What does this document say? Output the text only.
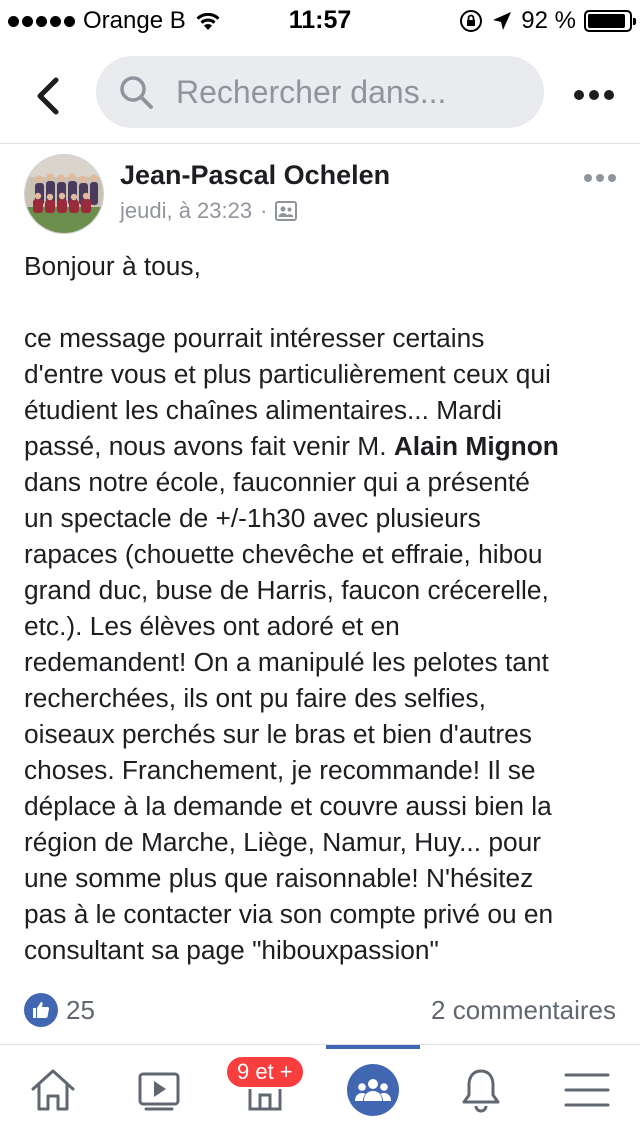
Orange B	11:57	92 %
Rechercher dans...
Jean-Pascal Ochelen
jeudi, à 23:23 ·

Bonjour à tous,

ce message pourrait intéresser certains

d'entre vous et plus particulièrement ceux qui

étudient les chaînes alimentaires... Mardi

passé, nous avons fait venir M. Alain Mignon

dans notre école, fauconnier qui a présenté

un spectacle de +/-1h30 avec plusieurs

rapaces (chouette chevêche et effraie, hibou

grand duc, buse de Harris, faucon crécerelle,

etc.). Les élèves ont adoré et en

redemandent! On a manipulé les pelotes tant

recherchées, ils ont pu faire des selfies,

oiseaux perchés sur le bras et bien d'autres

choses. Franchement, je recommande! Il se

déplace à la demande et couvre aussi bien la

région de Marche, Liège, Namur, Huy... pour

une somme plus que raisonnable! N'hésitez

pas à le contacter via son compte privé ou en

consultant sa page "hibouxpassion"

25	2 commentaires
9 et +
